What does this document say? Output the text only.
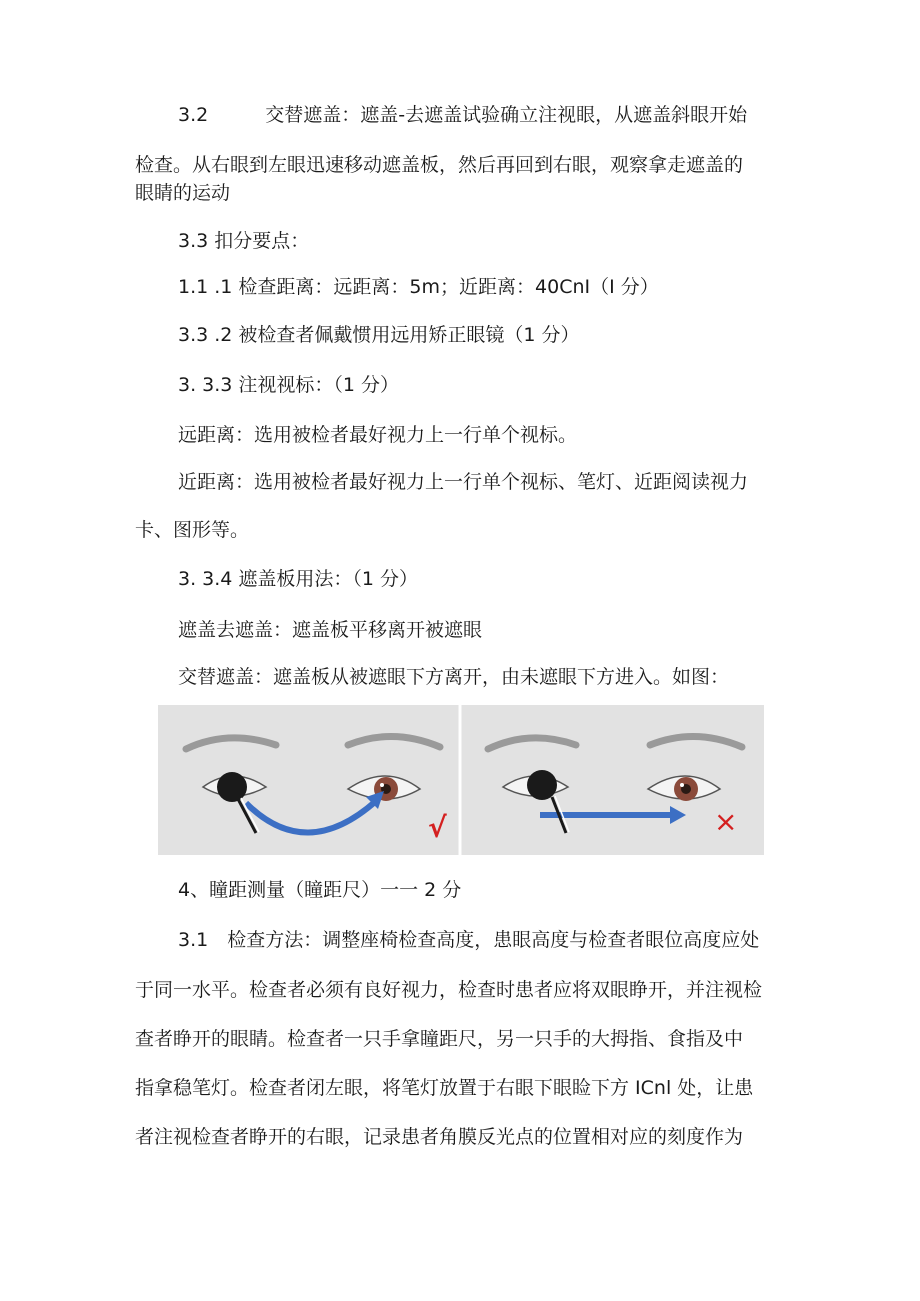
3.2　　　交替遮盖：遮盖-去遮盖试验确立注视眼，从遮盖斜眼开始
检查。从右眼到左眼迅速移动遮盖板，然后再回到右眼，观察拿走遮盖的
眼睛的运动
3.3 扣分要点：
1.1 .1 检查距离：远距离：5m；近距离：40CnI（I 分）
3.3 .2 被检查者佩戴惯用远用矫正眼镜（1 分）
3. 3.3 注视视标：（1 分）
远距离：选用被检者最好视力上一行单个视标。
近距离：选用被检者最好视力上一行单个视标、笔灯、近距阅读视力
卡、图形等。
3. 3.4 遮盖板用法：（1 分）
遮盖去遮盖：遮盖板平移离开被遮眼
交替遮盖：遮盖板从被遮眼下方离开，由未遮眼下方进入。如图：
√	×
4、瞳距测量（瞳距尺）一一 2 分
3.1　检查方法：调整座椅检查高度，患眼高度与检查者眼位高度应处
于同一水平。检查者必须有良好视力，检查时患者应将双眼睁开，并注视检
查者睁开的眼睛。检查者一只手拿瞳距尺，另一只手的大拇指、食指及中
指拿稳笔灯。检查者闭左眼，将笔灯放置于右眼下眼睑下方 ICnl 处，让患
者注视检查者睁开的右眼，记录患者角膜反光点的位置相对应的刻度作为
